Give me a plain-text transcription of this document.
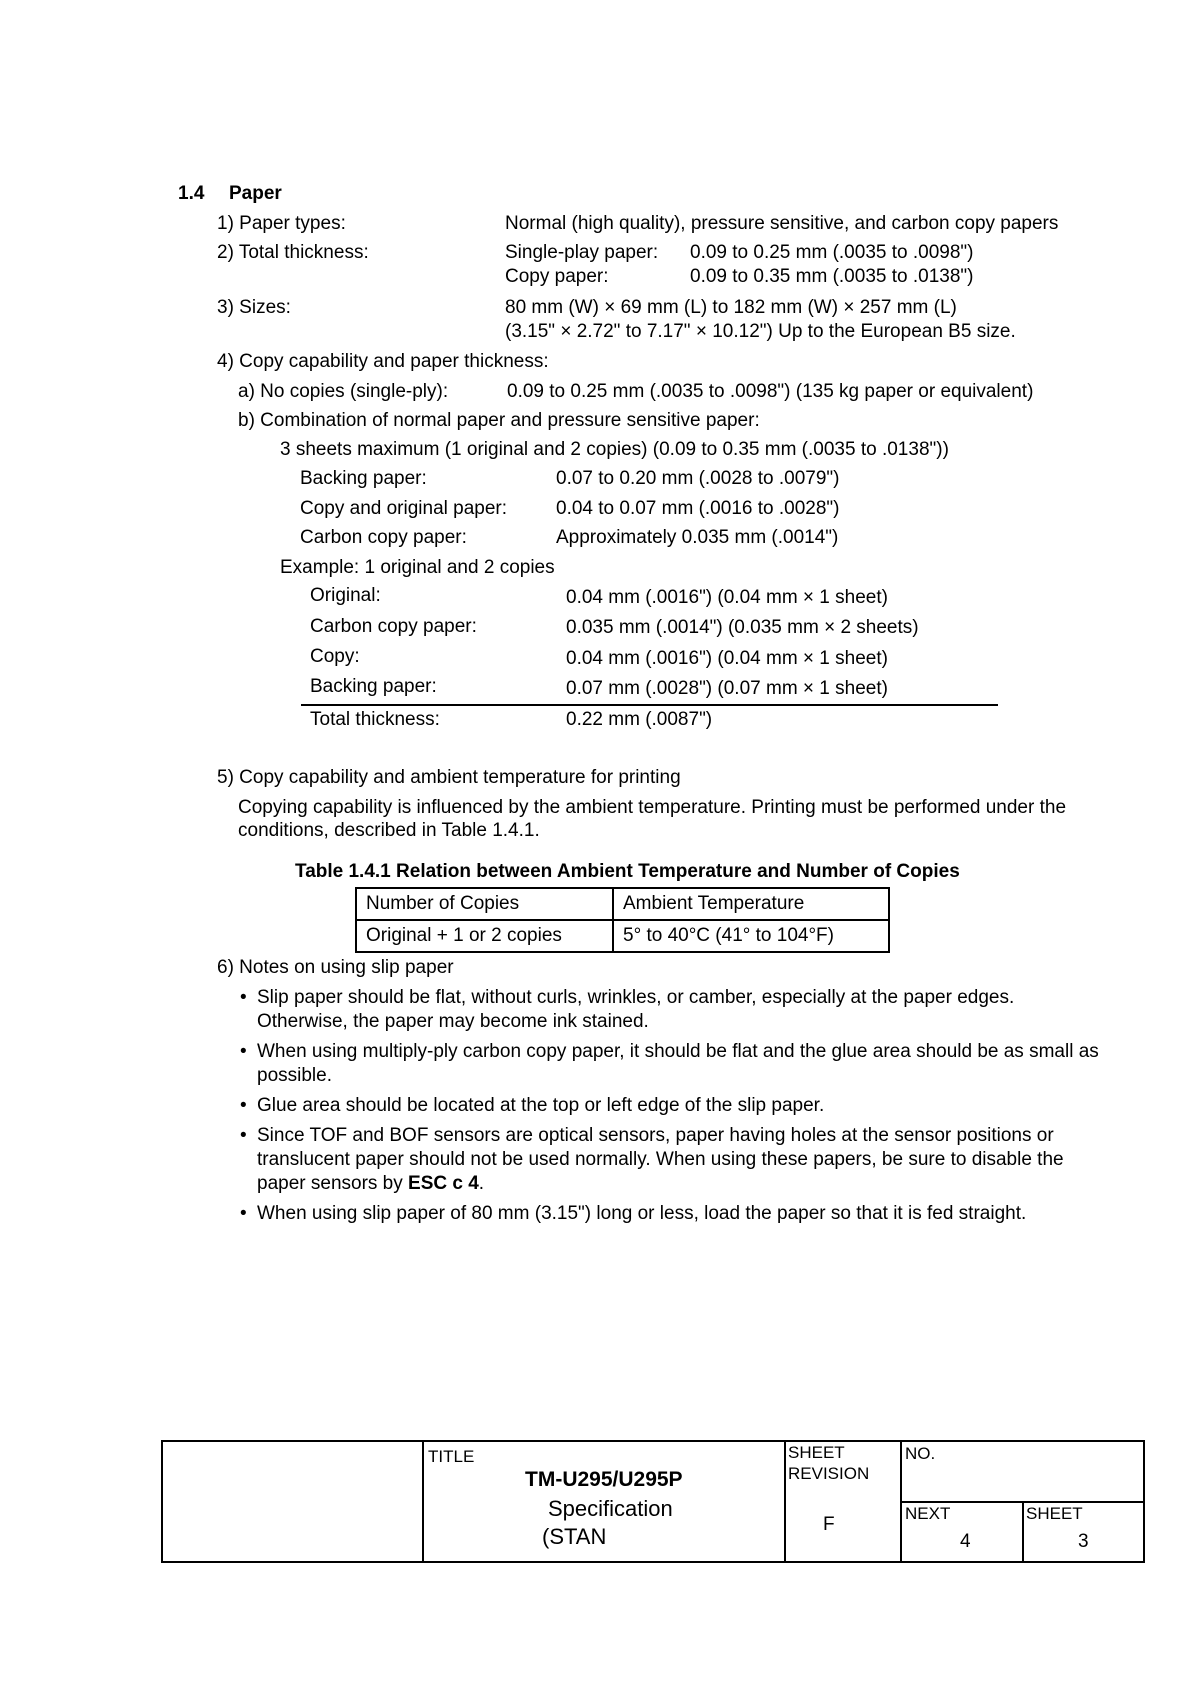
1.4 Paper
1) Paper types:	Normal (high quality), pressure sensitive, and carbon copy papers
2) Total thickness:	Single-play paper: 0.09 to 0.25 mm (.0035 to .0098")
Copy paper:	0.09 to 0.35 mm (.0035 to .0138")
3) Sizes:	80 mm (W) × 69 mm (L) to 182 mm (W) × 257 mm (L)
(3.15" × 2.72" to 7.17" × 10.12") Up to the European B5 size.
4) Copy capability and paper thickness:
a) No copies (single-ply):	0.09 to 0.25 mm (.0035 to .0098") (135 kg paper or equivalent)
b) Combination of normal paper and pressure sensitive paper:
3 sheets maximum (1 original and 2 copies) (0.09 to 0.35 mm (.0035 to .0138"))
Backing paper:	0.07 to 0.20 mm (.0028 to .0079")
Copy and original paper:	0.04 to 0.07 mm (.0016 to .0028")
Carbon copy paper:	Approximately 0.035 mm (.0014")
Example: 1 original and 2 copies
Original:	0.04 mm (.0016") (0.04 mm × 1 sheet)
Carbon copy paper:	0.035 mm (.0014") (0.035 mm × 2 sheets)
Copy:	0.04 mm (.0016") (0.04 mm × 1 sheet)
Backing paper:	0.07 mm (.0028") (0.07 mm × 1 sheet)
Total thickness:	0.22 mm (.0087")
5) Copy capability and ambient temperature for printing
Copying capability is influenced by the ambient temperature. Printing must be performed under the
conditions, described in Table 1.4.1.
Table 1.4.1 Relation between Ambient Temperature and Number of Copies
Number of Copies	Ambient Temperature
Original + 1 or 2 copies	5° to 40°C (41° to 104°F)
6) Notes on using slip paper
• Slip paper should be flat, without curls, wrinkles, or camber, especially at the paper edges.
Otherwise, the paper may become ink stained.
• When using multiply-ply carbon copy paper, it should be flat and the glue area should be as small as
possible.
• Glue area should be located at the top or left edge of the slip paper.
• Since TOF and BOF sensors are optical sensors, paper having holes at the sensor positions or
translucent paper should not be used normally. When using these papers, be sure to disable the
paper sensors by ESC c 4.
• When using slip paper of 80 mm (3.15") long or less, load the paper so that it is fed straight.
TITLE
TM-U295/U295P
Specification
(STAN
SHEET
REVISION
F
NO.
NEXT
4
SHEET
3
